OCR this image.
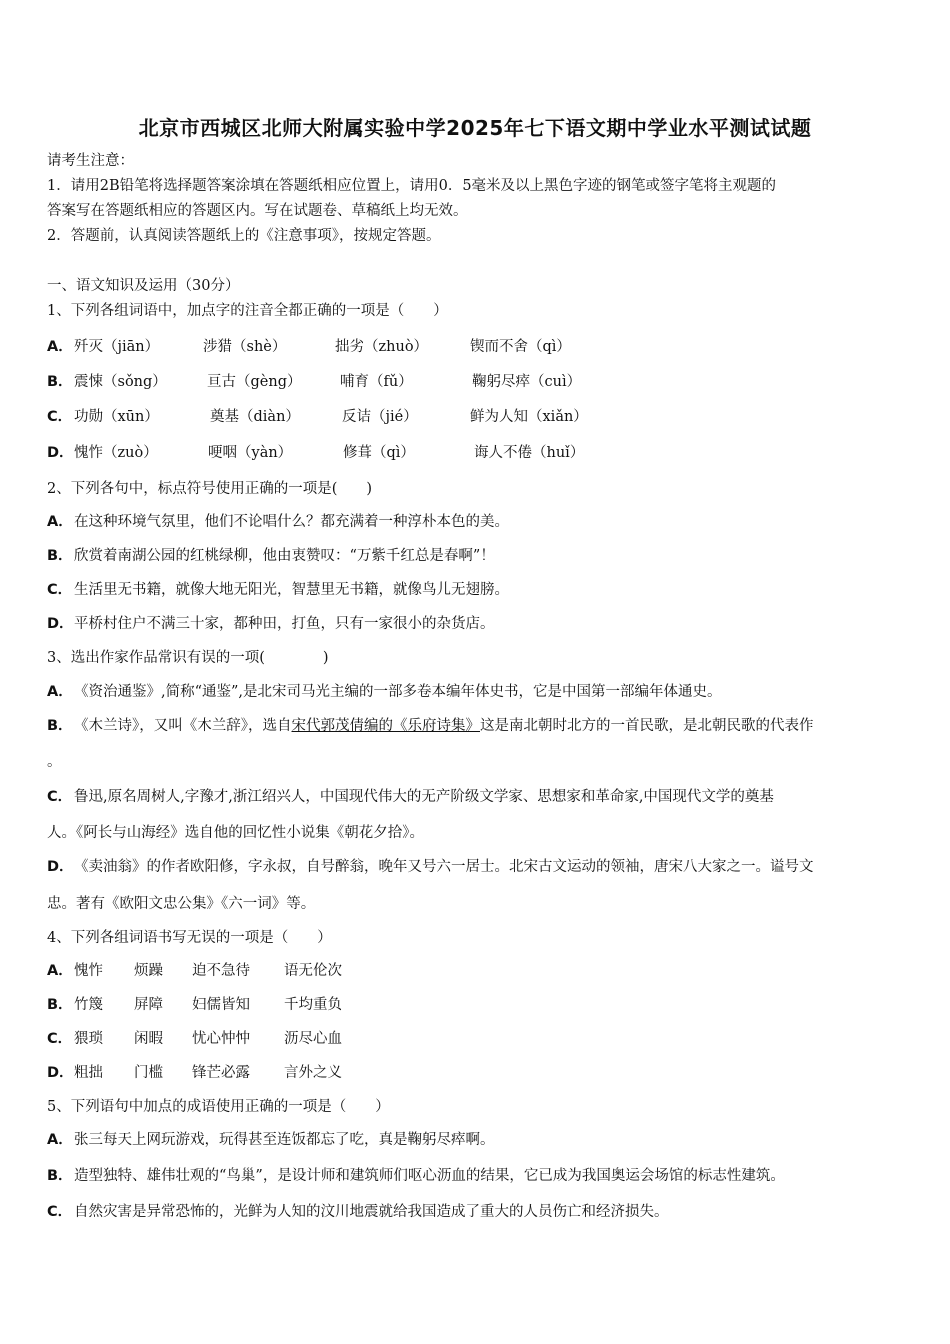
北京市西城区北师大附属实验中学2025年七下语文期中学业水平测试试题
请考生注意：
1．请用2B铅笔将选择题答案涂填在答题纸相应位置上，请用0．5毫米及以上黑色字迹的钢笔或签字笔将主观题的
答案写在答题纸相应的答题区内。写在试题卷、草稿纸上均无效。
2．答题前，认真阅读答题纸上的《注意事项》，按规定答题。
一、语文知识及运用（30分）
1、下列各组词语中，加点字的注音全都正确的一项是（　　）
A． 歼灭（jiān）	涉猎（shè）	拙劣（zhuò）	锲而不舍（qì）
B． 震悚（sǒng）	亘古（gèng）	哺育（fǔ）	鞠躬尽瘁（cuì）
C． 功勋（xūn）	奠基（diàn）	反诘（jié）	鲜为人知（xiǎn）
D． 愧怍（zuò）	哽咽（yàn）	修葺（qì）	诲人不倦（huǐ）
2、下列各句中，标点符号使用正确的一项是(　　)
A．在这种环境气氛里，他们不论唱什么？都充满着一种淳朴本色的美。
B．欣赏着南湖公园的红桃绿柳，他由衷赞叹：“万紫千红总是春啊”！
C． 生活里无书籍，就像大地无阳光，智慧里无书籍，就像鸟儿无翅膀。
D．平桥村住户不满三十家，都种田，打鱼，只有一家很小的杂货店。
3、选出作家作品常识有误的一项(　　　　)
A．《资治通鉴》,简称“通鉴”,是北宋司马光主编的一部多卷本编年体史书，它是中国第一部编年体通史。
B．《木兰诗》，又叫《木兰辞》，选自宋代郭茂倩编的《乐府诗集》这是南北朝时北方的一首民歌，是北朝民歌的代表作
。
C． 鲁迅,原名周树人,字豫才,浙江绍兴人，中国现代伟大的无产阶级文学家、思想家和革命家,中国现代文学的奠基
人。《阿长与山海经》选自他的回忆性小说集《朝花夕拾》。
D．《卖油翁》的作者欧阳修，字永叔，自号醉翁，晚年又号六一居士。北宋古文运动的领袖，唐宋八大家之一。谥号文
忠。著有《欧阳文忠公集》《六一词》等。
4、下列各组词语书写无误的一项是（　　）
A． 愧怍 烦躁 迫不急待 语无伦次
B． 竹篾 屏障 妇儒皆知 千均重负
C． 猥琐 闲暇 忧心忡忡 沥尽心血
D． 粗拙 门槛 锋芒必露 言外之义
5、下列语句中加点的成语使用正确的一项是（　　）
A．张三每天上网玩游戏，玩得甚至连饭都忘了吃，真是鞠躬尽瘁啊。
B．造型独特、雄伟壮观的“鸟巢”，是设计师和建筑师们呕心沥血的结果，它已成为我国奥运会场馆的标志性建筑。
C． 自然灾害是异常恐怖的，光鲜为人知的汶川地震就给我国造成了重大的人员伤亡和经济损失。
